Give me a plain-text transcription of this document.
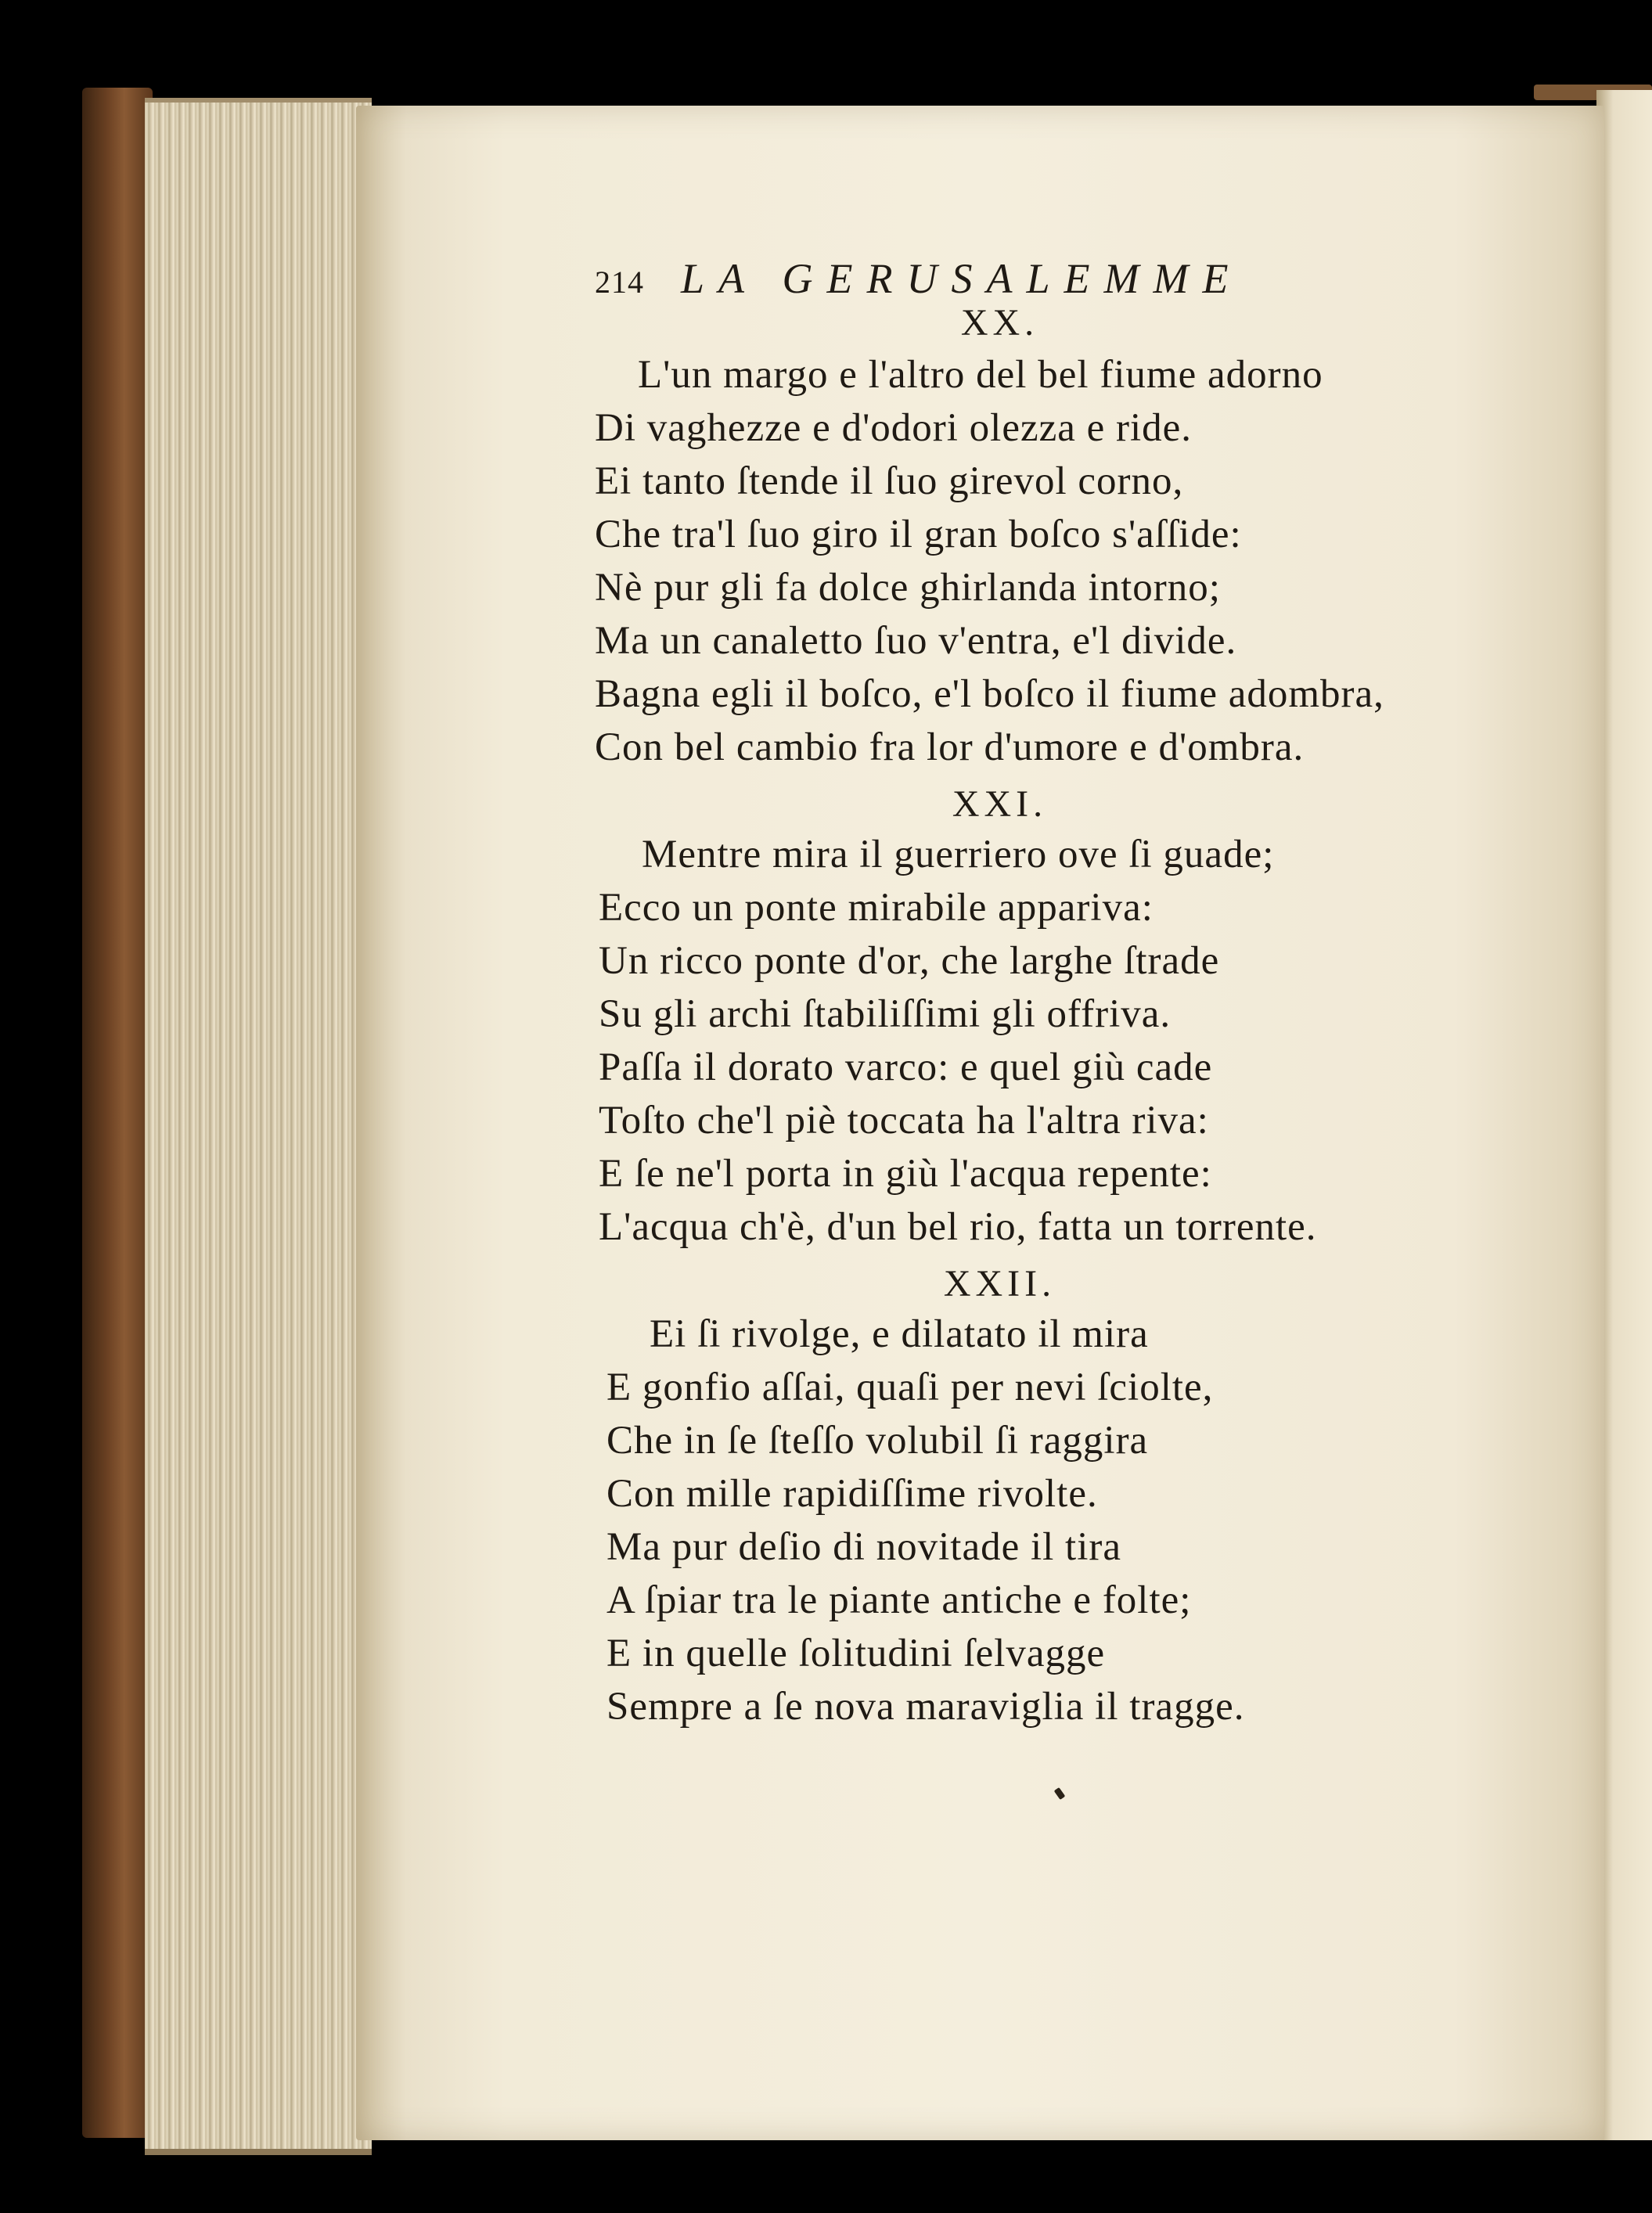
214 LA GERUSALEMME
XX.
L'un margo e l'altro del bel fiume adorno
Di vaghezze e d'odori olezza e ride.
Ei tanto ſtende il ſuo girevol corno,
Che tra'l ſuo giro il gran boſco s'aſſide:
Nè pur gli fa dolce ghirlanda intorno;
Ma un canaletto ſuo v'entra, e'l divide.
Bagna egli il boſco, e'l boſco il fiume adombra,
Con bel cambio fra lor d'umore e d'ombra.
XXI.
Mentre mira il guerriero ove ſi guade;
Ecco un ponte mirabile appariva:
Un ricco ponte d'or, che larghe ſtrade
Su gli archi ſtabiliſſimi gli offriva.
Paſſa il dorato varco: e quel giù cade
Toſto che'l piè toccata ha l'altra riva:
E ſe ne'l porta in giù l'acqua repente:
L'acqua ch'è, d'un bel rio, fatta un torrente.
XXII.
Ei ſi rivolge, e dilatato il mira
E gonfio aſſai, quaſi per nevi ſciolte,
Che in ſe ſteſſo volubil ſi raggira
Con mille rapidiſſime rivolte.
Ma pur deſio di novitade il tira
A ſpiar tra le piante antiche e folte;
E in quelle ſolitudini ſelvagge
Sempre a ſe nova maraviglia il tragge.
